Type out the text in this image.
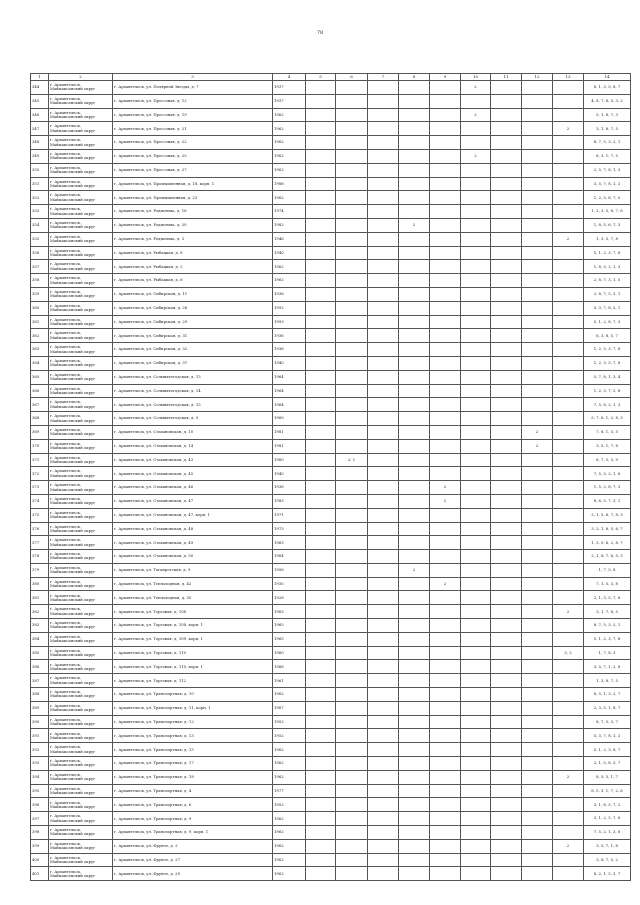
78
1	2	3	4	5	6	7	8	9	10	11	12	13	14
344	г. Архангельск,
Маймаксанский округ	г. Архангельск, ул. Полярной Звезды, д. 7	1937						2				8, 1, 3, 5, 8, 7
345	г. Архангельск,
Маймаксанский округ	г. Архангельск, ул. Прессовая, д. 12	1937										4, 8, 7, 6, 5, 3, 2
346	г. Архангельск,
Маймаксанский округ	г. Архангельск, ул. Прессовая, д. 19	1962						2				5, 1, 8, 7, 3
347	г. Архангельск,
Маймаксанский округ	г. Архангельск, ул. Прессовая, д. 21	1962									2	3, 1, 8, 7, 5
348	г. Архангельск,
Маймаксанский округ	г. Архангельск, ул. Прессовая, д. 22	1962										8, 7, 5, 3, 2, 1
349	г. Архангельск,
Маймаксанский округ	г. Архангельск, ул. Прессовая, д. 25	1962						2				8, 3, 1, 7, 5
350	г. Архангельск,
Маймаксанский округ	г. Архангельск, ул. Прессовая, д. 27	1962										2, 5, 7, 8, 1, 3
351	г. Архангельск,
Маймаксанский округ	г. Архангельск, ул. Промышленная, д. 18, корп. 1	1988										3, 5, 7, 8, 1, 2
352	г. Архангельск,
Маймаксанский округ	г. Архангельск, ул. Промышленная, д. 23	1962										1, 2, 3, 8, 7, 5
353	г. Архангельск,
Маймаксанский округ	г. Архангельск, ул. Родионова, д. 16	1974										1, 2, 3, 5, 8, 7, 6
354	г. Архангельск,
Маймаксанский округ	г. Архангельск, ул. Родионова, д. 20	1982				2						1, 8, 5, 6, 7, 3
355	г. Архангельск,
Маймаксанский округ	г. Архангельск, ул. Родионова, д. 3	1946									2	1, 3, 5, 7, 8
356	г. Архангельск,
Маймаксанский округ	г. Архангельск, ул. Рыбацкая, д. 8	1940										5, 1, 2, 3, 7, 8
357	г. Архангельск,
Маймаксанский округ	г. Архангельск, ул. Рыбацкая, д. 2	1962										1, 8, 5, 2, 1, 3
358	г. Архангельск,
Маймаксанский округ	г. Архангельск, ул. Рыбацкая, д. 6	1962										2, 8, 7, 3, 1, 5
359	г. Архангельск,
Маймаксанский округ	г. Архангельск, ул. Сибирская, д. 11	1936										2, 8, 7, 5, 3, 1
360	г. Архангельск,
Маймаксанский округ	г. Архангельск, ул. Сибирская, д. 28	1992										5, 3, 7, 8, 2, 1
361	г. Архангельск,
Маймаксанский округ	г. Архангельск, ул. Сибирская, д. 29	1993										5, 1, 2, 8, 7, 3
362	г. Архангельск,
Маймаксанский округ	г. Архангельск, ул. Сибирская, д. 31	1936										6, 3, 8, 5, 7
363	г. Архангельск,
Маймаксанский округ	г. Архангельск, ул. Сибирская, д. 32	1936										1, 2, 5, 3, 7, 8
364	г. Архангельск,
Маймаксанский округ	г. Архангельск, ул. Сибирская, д. 37	1940										1, 2, 3, 5, 7, 8
365	г. Архангельск,
Маймаксанский округ	г. Архангельск, ул. Сольвычегодская, д. 13	1964										5, 7, 8, 1, 3, 4
366	г. Архангельск,
Маймаксанский округ	г. Архангельск, ул. Сольвычегодская, д. 14	1964										1, 2, 3, 7, 5, 8
367	г. Архангельск,
Маймаксанский округ	г. Архангельск, ул. Сольвычегодская, д. 15	1964										7, 5, 8, 2, 1, 3
368	г. Архангельск,
Маймаксанский округ	г. Архангельск, ул. Сольвычегодская, д. 5	1960										5, 7, 6, 1, 2, 8, 3
369	г. Архангельск,
Маймаксанский округ	г. Архангельск, ул. Стахановская, д. 10	1981								2		7, 8, 1, 3, 5
370	г. Архангельск,
Маймаксанский округ	г. Архангельск, ул. Стахановская, д. 14	1981								2		3, 5, 1, 7, 8
371	г. Архангельск,
Маймаксанский округ	г. Архангельск, ул. Стахановская, д. 43	1960		2, 1								8, 7, 5, 3, 9
372	г. Архангельск,
Маймаксанский округ	г. Архангельск, ул. Стахановская, д. 45	1940										7, 5, 3, 2, 1, 8
373	г. Архангельск,
Маймаксанский округ	г. Архангельск, ул. Стахановская, д. 46	1936					2					1, 5, 2, 8, 7, 3
374	г. Архангельск,
Маймаксанский округ	г. Архангельск, ул. Стахановская, д. 47	1983					2					8, 6, 5, 7, 3, 1
375	г. Архангельск,
Маймаксанский округ	г. Архангельск, ул. Стахановская, д. 47, корп. 1	1971										2, 1, 5, 6, 7, 8, 3
376	г. Архангельск,
Маймаксанский округ	г. Архангельск, ул. Стахановская, д. 48	1973										3, 2, 1, 8, 5, 6, 7
377	г. Архангельск,
Маймаксанский округ	г. Архангельск, ул. Стахановская, д. 49	1963										1, 3, 5, 6, 2, 8, 7
378	г. Архангельск,
Маймаксанский округ	г. Архангельск, ул. Стахановская, д. 50	1964										2, 1, 8, 7, 6, 5, 3
379	г. Архангельск,
Маймаксанский округ	г. Архангельск, ул. Таганрогская, д. 9	1956				2						1, 7, 5, 8
380	г. Архангельск,
Маймаксанский округ	г. Архангельск, ул. Теплоходная, д. 42	1935					2					7, 1, 5, 3, 8
381	г. Архангельск,
Маймаксанский округ	г. Архангельск, ул. Теплоходная, д. 35	1928										2, 1, 3, 5, 7, 8
382	г. Архангельск,
Маймаксанский округ	г. Архангельск, ул. Торговая, д. 108	1963									2	3, 1, 7, 8, 5
383	г. Архангельск,
Маймаксанский округ	г. Архангельск, ул. Торговая, д. 108, корп. 1	1965										8, 7, 5, 3, 2, 1
384	г. Архангельск,
Маймаксанский округ	г. Архангельск, ул. Торговая, д. 109, корп. 1	1965										5, 1, 2, 3, 7, 8
385	г. Архангельск,
Маймаксанский округ	г. Архангельск, ул. Торговая, д. 110	1960									5, 2	1, 7, 8, 3
386	г. Архангельск,
Маймаксанский округ	г. Архангельск, ул. Торговая, д. 110, корп. 1	1966										3, 5, 7, 1, 2, 8
387	г. Архангельск,
Маймаксанский округ	г. Архангельск, ул. Торговая, д. 112	1961										1, 3, 8, 7, 5
388	г. Архангельск,
Маймаксанский округ	г. Архангельск, ул. Транспортная, д. 10	1962										8, 5, 1, 3, 2, 7
389	г. Архангельск,
Маймаксанский округ	г. Архангельск, ул. Транспортная, д. 11, корп. 1	1967										2, 3, 5, 1, 8, 7
390	г. Архангельск,
Маймаксанский округ	г. Архангельск, ул. Транспортная, д. 12	1952										8, 7, 5, 3, 7
391	г. Архангельск,
Маймаксанский округ	г. Архангельск, ул. Транспортная, д. 13	1952										5, 3, 7, 8, 1, 2
392	г. Архангельск,
Маймаксанский округ	г. Архангельск, ул. Транспортная, д. 15	1962										5, 1, 2, 3, 8, 7
393	г. Архангельск,
Маймаксанский округ	г. Архангельск, ул. Транспортная, д. 17	1962										2, 1, 5, 8, 3, 7
394	г. Архангельск,
Маймаксанский округ	г. Архангельск, ул. Транспортная, д. 18	1962									2	8, 5, 3, 1, 7
395	г. Архангельск,
Маймаксанский округ	г. Архангельск, ул. Транспортная, д. 4	1977										8, 5, 3, 1, 7, 2, 6
396	г. Архангельск,
Маймаксанский округ	г. Архангельск, ул. Транспортная, д. 6	1952										3, 1, 8, 5, 7, 2
397	г. Архангельск,
Маймаксанский округ	г. Архангельск, ул. Транспортная, д. 9	1962										3, 1, 2, 5, 7, 8
398	г. Архангельск,
Маймаксанский округ	г. Архангельск, ул. Транспортная, д. 9, корп. 1	1962										7, 5, 2, 1, 3, 8
399	г. Архангельск,
Маймаксанский округ	г. Архангельск, ул. Фрунзе, д. 2	1962									2	3, 5, 7, 1, 8
400	г. Архангельск,
Маймаксанский округ	г. Архангельск, ул. Фрунзе, д. 27	1962										3, 8, 7, 5, 2
401	г. Архангельск,
Маймаксанский округ	г. Архангельск, ул. Фрунзе, д. 29	1962										8, 2, 1, 5, 3, 7
